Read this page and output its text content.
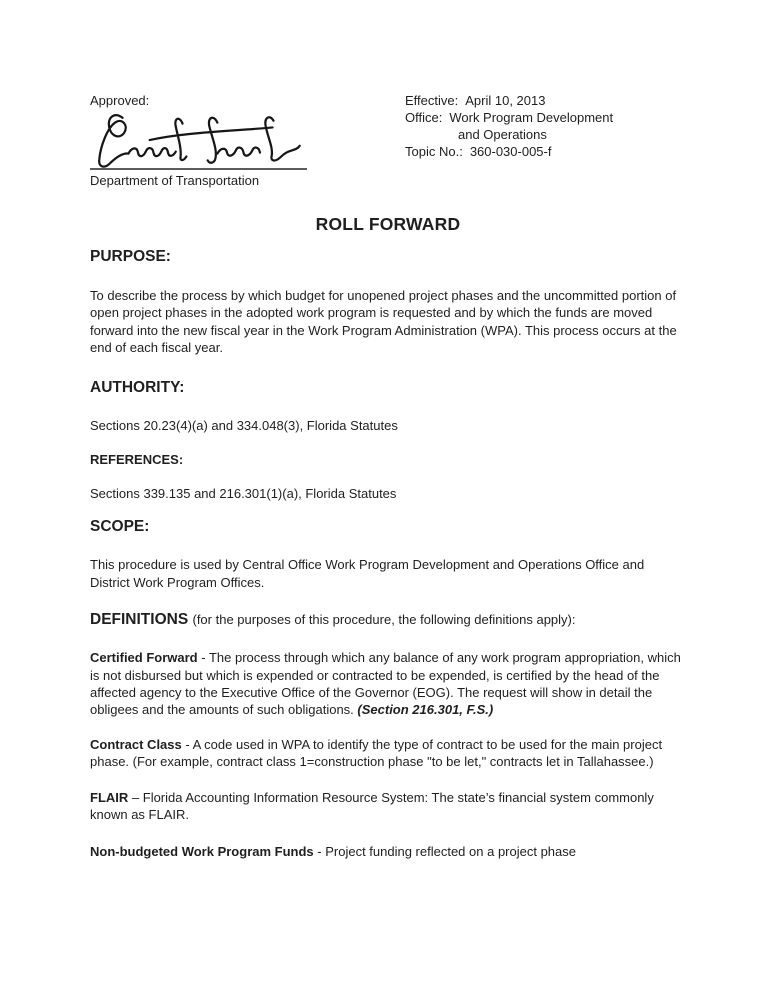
Approved:
Department of Transportation
Effective: April 10, 2013
Office: Work Program Development
and Operations
Topic No.: 360-030-005-f
ROLL FORWARD
PURPOSE:

To describe the process by which budget for unopened project phases and the uncommitted portion of open project phases in the adopted work program is requested and by which the funds are moved forward into the new fiscal year in the Work Program Administration (WPA). This process occurs at the end of each fiscal year.

AUTHORITY:

Sections 20.23(4)(a) and 334.048(3), Florida Statutes

REFERENCES:

Sections 339.135 and 216.301(1)(a), Florida Statutes

SCOPE:

This procedure is used by Central Office Work Program Development and Operations Office and District Work Program Offices.

DEFINITIONS (for the purposes of this procedure, the following definitions apply):

Certified Forward - The process through which any balance of any work program appropriation, which is not disbursed but which is expended or contracted to be expended, is certified by the head of the affected agency to the Executive Office of the Governor (EOG). The request will show in detail the obligees and the amounts of such obligations. (Section 216.301, F.S.)

Contract Class - A code used in WPA to identify the type of contract to be used for the main project phase. (For example, contract class 1=construction phase "to be let," contracts let in Tallahassee.)

FLAIR – Florida Accounting Information Resource System: The state’s financial system commonly known as FLAIR.

Non-budgeted Work Program Funds - Project funding reflected on a project phase
